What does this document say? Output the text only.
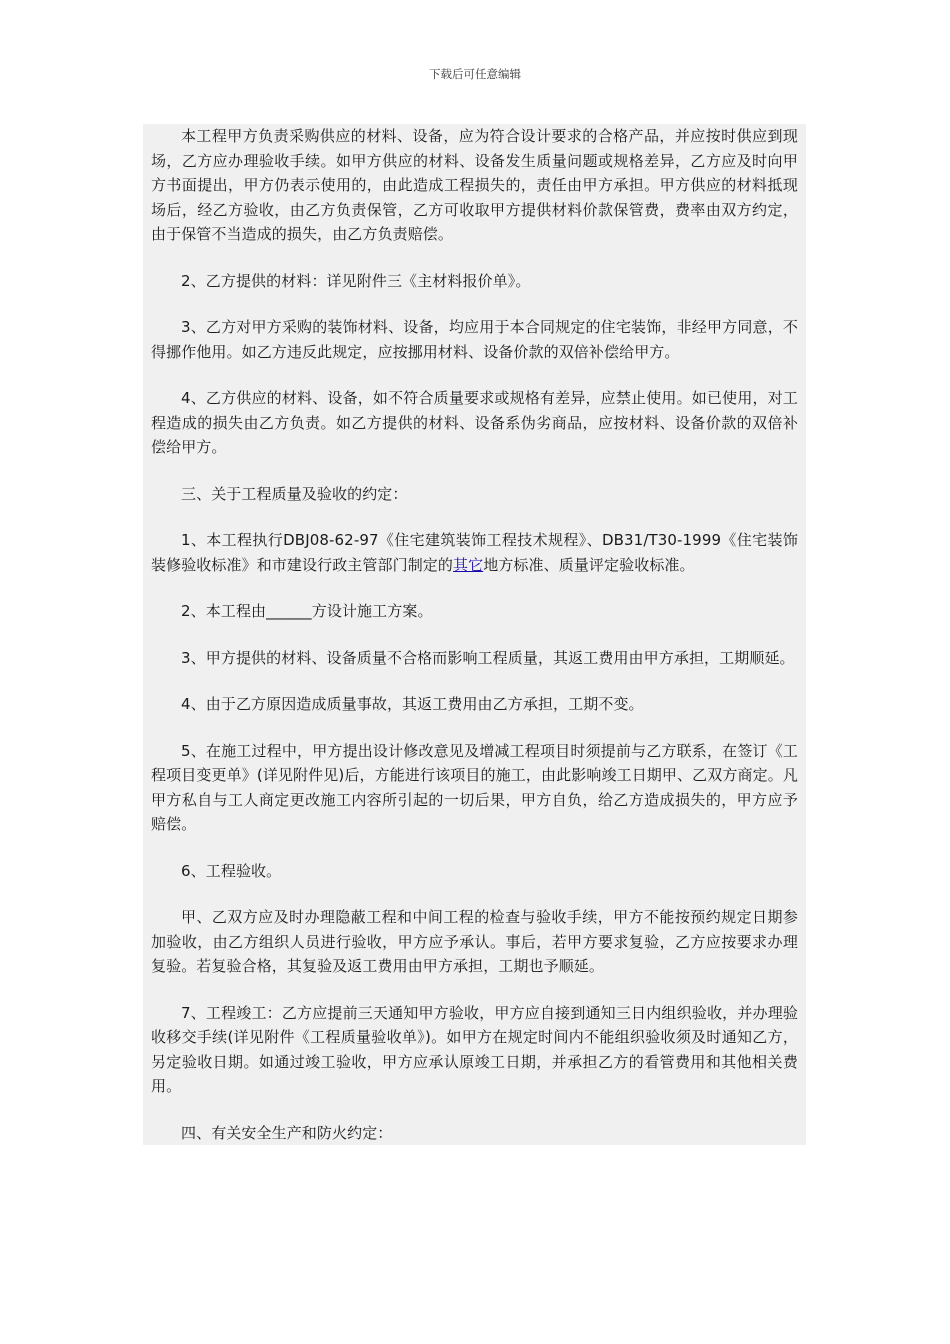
下载后可任意编辑

本工程甲方负责采购供应的材料、设备，应为符合设计要求的合格产品，并应按时供应到现场，乙方应办理验收手续。如甲方供应的材料、设备发生质量问题或规格差异，乙方应及时向甲方书面提出，甲方仍表示使用的，由此造成工程损失的，责任由甲方承担。甲方供应的材料抵现场后，经乙方验收，由乙方负责保管，乙方可收取甲方提供材料价款保管费，费率由双方约定，由于保管不当造成的损失，由乙方负责赔偿。

2、乙方提供的材料：详见附件三《主材料报价单》。

3、乙方对甲方采购的装饰材料、设备，均应用于本合同规定的住宅装饰，非经甲方同意，不得挪作他用。如乙方违反此规定，应按挪用材料、设备价款的双倍补偿给甲方。

4、乙方供应的材料、设备，如不符合质量要求或规格有差异，应禁止使用。如已使用，对工程造成的损失由乙方负责。如乙方提供的材料、设备系伪劣商品，应按材料、设备价款的双倍补偿给甲方。

三、关于工程质量及验收的约定：

1、本工程执行DBJ08-62-97《住宅建筑装饰工程技术规程》、DB31/T30-1999《住宅装饰装修验收标准》和市建设行政主管部门制定的其它地方标准、质量评定验收标准。

2、本工程由______方设计施工方案。

3、甲方提供的材料、设备质量不合格而影响工程质量，其返工费用由甲方承担，工期顺延。

4、由于乙方原因造成质量事故，其返工费用由乙方承担，工期不变。

5、在施工过程中，甲方提出设计修改意见及增减工程项目时须提前与乙方联系，在签订《工程项目变更单》(详见附件见)后，方能进行该项目的施工，由此影响竣工日期甲、乙双方商定。凡甲方私自与工人商定更改施工内容所引起的一切后果，甲方自负，给乙方造成损失的，甲方应予赔偿。

6、工程验收。

甲、乙双方应及时办理隐蔽工程和中间工程的检查与验收手续，甲方不能按预约规定日期参加验收，由乙方组织人员进行验收，甲方应予承认。事后，若甲方要求复验，乙方应按要求办理复验。若复验合格，其复验及返工费用由甲方承担，工期也予顺延。

7、工程竣工：乙方应提前三天通知甲方验收，甲方应自接到通知三日内组织验收，并办理验收移交手续(详见附件《工程质量验收单》)。如甲方在规定时间内不能组织验收须及时通知乙方，另定验收日期。如通过竣工验收，甲方应承认原竣工日期，并承担乙方的看管费用和其他相关费用。

四、有关安全生产和防火约定：
